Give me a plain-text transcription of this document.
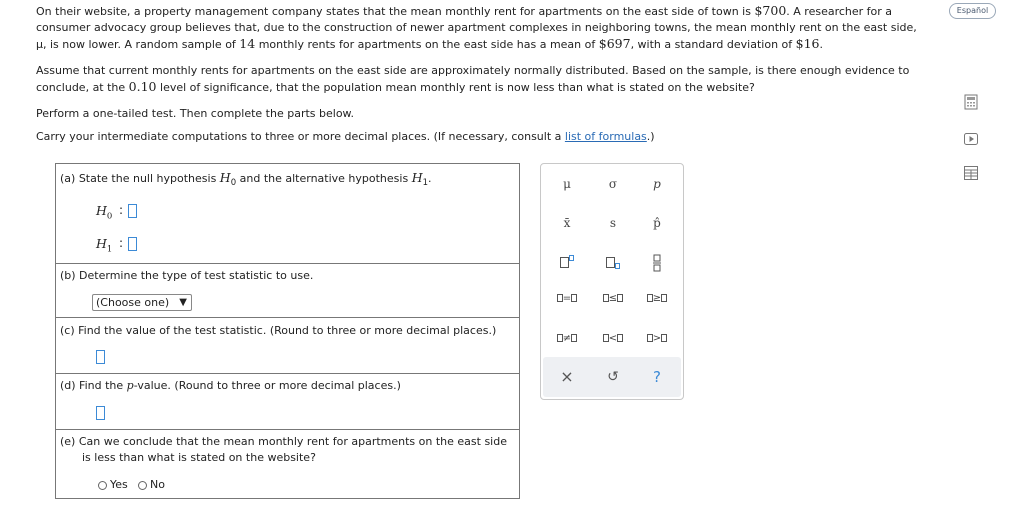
Español

On their website, a property management company states that the mean monthly rent for apartments on the east side of town is $700. A researcher for a
consumer advocacy group believes that, due to the construction of newer apartment complexes in neighboring towns, the mean monthly rent on the east side,
μ, is now lower. A random sample of 14 monthly rents for apartments on the east side has a mean of $697, with a standard deviation of $16.

Assume that current monthly rents for apartments on the east side are approximately normally distributed. Based on the sample, is there enough evidence to
conclude, at the 0.10 level of significance, that the population mean monthly rent is now less than what is stated on the website?

Perform a one-tailed test. Then complete the parts below.

Carry your intermediate computations to three or more decimal places. (If necessary, consult a list of formulas.)

(a) State the null hypothesis $H_0$ and the alternative hypothesis $H_1$.
$H_0$ :
$H_1$ :
(b) Determine the type of test statistic to use.
(Choose one) ▼
(c) Find the value of the test statistic. (Round to three or more decimal places.)
(d) Find the p-value. (Round to three or more decimal places.)
(e) Can we conclude that the mean monthly rent for apartments on the east side
is less than what is stated on the website?
Yes No
μ	σ	p
x̄	s	p̂
=	≤	≥
≠	<	>
×	↺	?
